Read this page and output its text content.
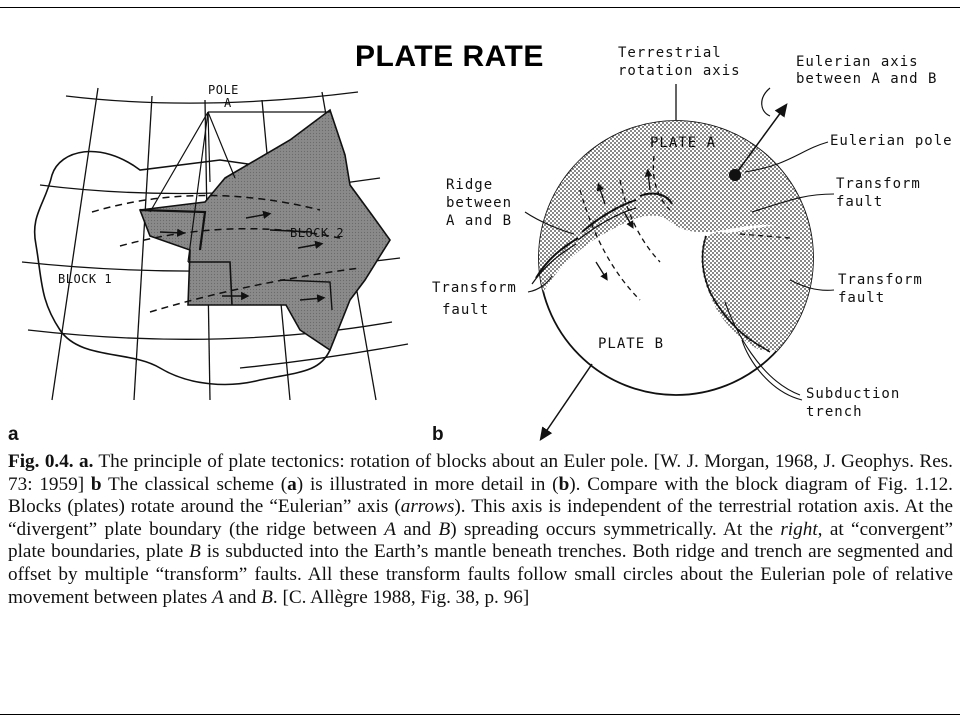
PLATE RATE
POLE
A
BLOCK 1
BLOCK 2
a
Terrestrial
rotation axis
Eulerian axis
between A and B
Eulerian pole
PLATE A
PLATE B
Ridge
between
A and B
Transform
fault
Transform
fault
Transform
fault
Subduction
trench
b
Fig. 0.4. a. The principle of plate tectonics: rotation of blocks about an Euler pole. [W. J. Morgan, 1968, J. Geophys. Res. 73: 1959] b The classical scheme (a) is illustrated in more detail in (b). Compare with the block diagram of Fig. 1.12. Blocks (plates) rotate around the “Eulerian” axis (arrows). This axis is independent of the terrestrial rotation axis. At the “divergent” plate boundary (the ridge between A and B) spreading occurs symmetrically. At the right, at “convergent” plate boundaries, plate B is subducted into the Earth’s mantle beneath trenches. Both ridge and trench are segmented and offset by multiple “transform” faults. All these transform faults follow small circles about the Eulerian pole of relative movement between plates A and B. [C. Allègre 1988, Fig. 38, p. 96]
